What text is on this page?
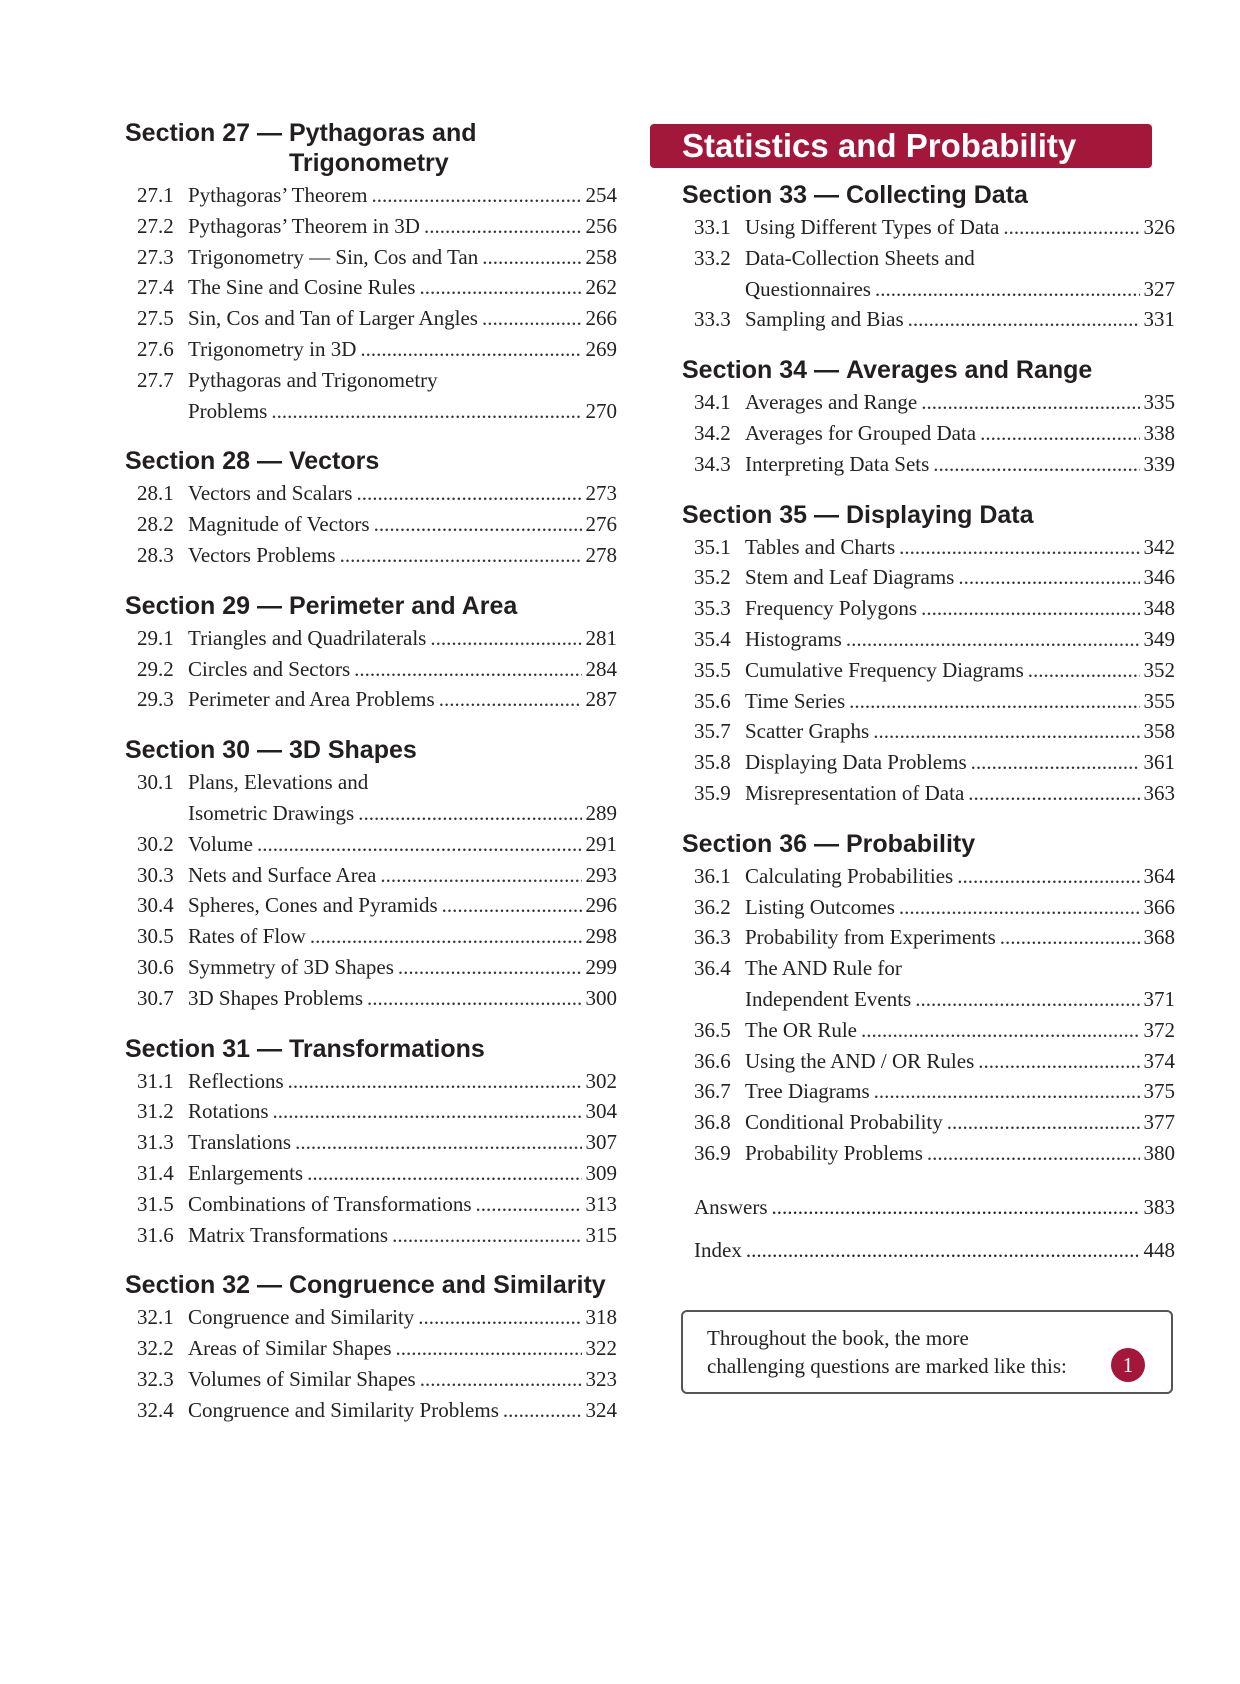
Section 27 — Pythagoras and Trigonometry
27.1 Pythagoras’ Theorem .....	254
27.2 Pythagoras’ Theorem in 3D .....	256
27.3 Trigonometry — Sin, Cos and Tan .....	258
27.4 The Sine and Cosine Rules .....	262
27.5 Sin, Cos and Tan of Larger Angles .....	266
27.6 Trigonometry in 3D .....	269
27.7 Pythagoras and Trigonometry
Problems .....	270
Section 28 — Vectors
28.1 Vectors and Scalars .....	273
28.2 Magnitude of Vectors .....	276
28.3 Vectors Problems .....	278
Section 29 — Perimeter and Area
29.1 Triangles and Quadrilaterals .....	281
29.2 Circles and Sectors .....	284
29.3 Perimeter and Area Problems .....	287
Section 30 — 3D Shapes
30.1 Plans, Elevations and
Isometric Drawings .....	289
30.2 Volume .....	291
30.3 Nets and Surface Area .....	293
30.4 Spheres, Cones and Pyramids .....	296
30.5 Rates of Flow .....	298
30.6 Symmetry of 3D Shapes .....	299
30.7 3D Shapes Problems .....	300
Section 31 — Transformations
31.1 Reflections .....	302
31.2 Rotations .....	304
31.3 Translations .....	307
31.4 Enlargements .....	309
31.5 Combinations of Transformations .....	313
31.6 Matrix Transformations .....	315
Section 32 — Congruence and Similarity
32.1 Congruence and Similarity .....	318
32.2 Areas of Similar Shapes .....	322
32.3 Volumes of Similar Shapes .....	323
32.4 Congruence and Similarity Problems .....	324
Statistics and Probability
Section 33 — Collecting Data
33.1 Using Different Types of Data .....	326
33.2 Data-Collection Sheets and
Questionnaires .....	327
33.3 Sampling and Bias .....	331
Section 34 — Averages and Range
34.1 Averages and Range .....	335
34.2 Averages for Grouped Data .....	338
34.3 Interpreting Data Sets .....	339
Section 35 — Displaying Data
35.1 Tables and Charts .....	342
35.2 Stem and Leaf Diagrams .....	346
35.3 Frequency Polygons .....	348
35.4 Histograms .....	349
35.5 Cumulative Frequency Diagrams .....	352
35.6 Time Series .....	355
35.7 Scatter Graphs .....	358
35.8 Displaying Data Problems .....	361
35.9 Misrepresentation of Data .....	363
Section 36 — Probability
36.1 Calculating Probabilities .....	364
36.2 Listing Outcomes .....	366
36.3 Probability from Experiments .....	368
36.4 The AND Rule for
Independent Events .....	371
36.5 The OR Rule .....	372
36.6 Using the AND / OR Rules .....	374
36.7 Tree Diagrams .....	375
36.8 Conditional Probability .....	377
36.9 Probability Problems .....	380
Answers .....	383
Index .....	448
Throughout the book, the more
challenging questions are marked like this:	1
